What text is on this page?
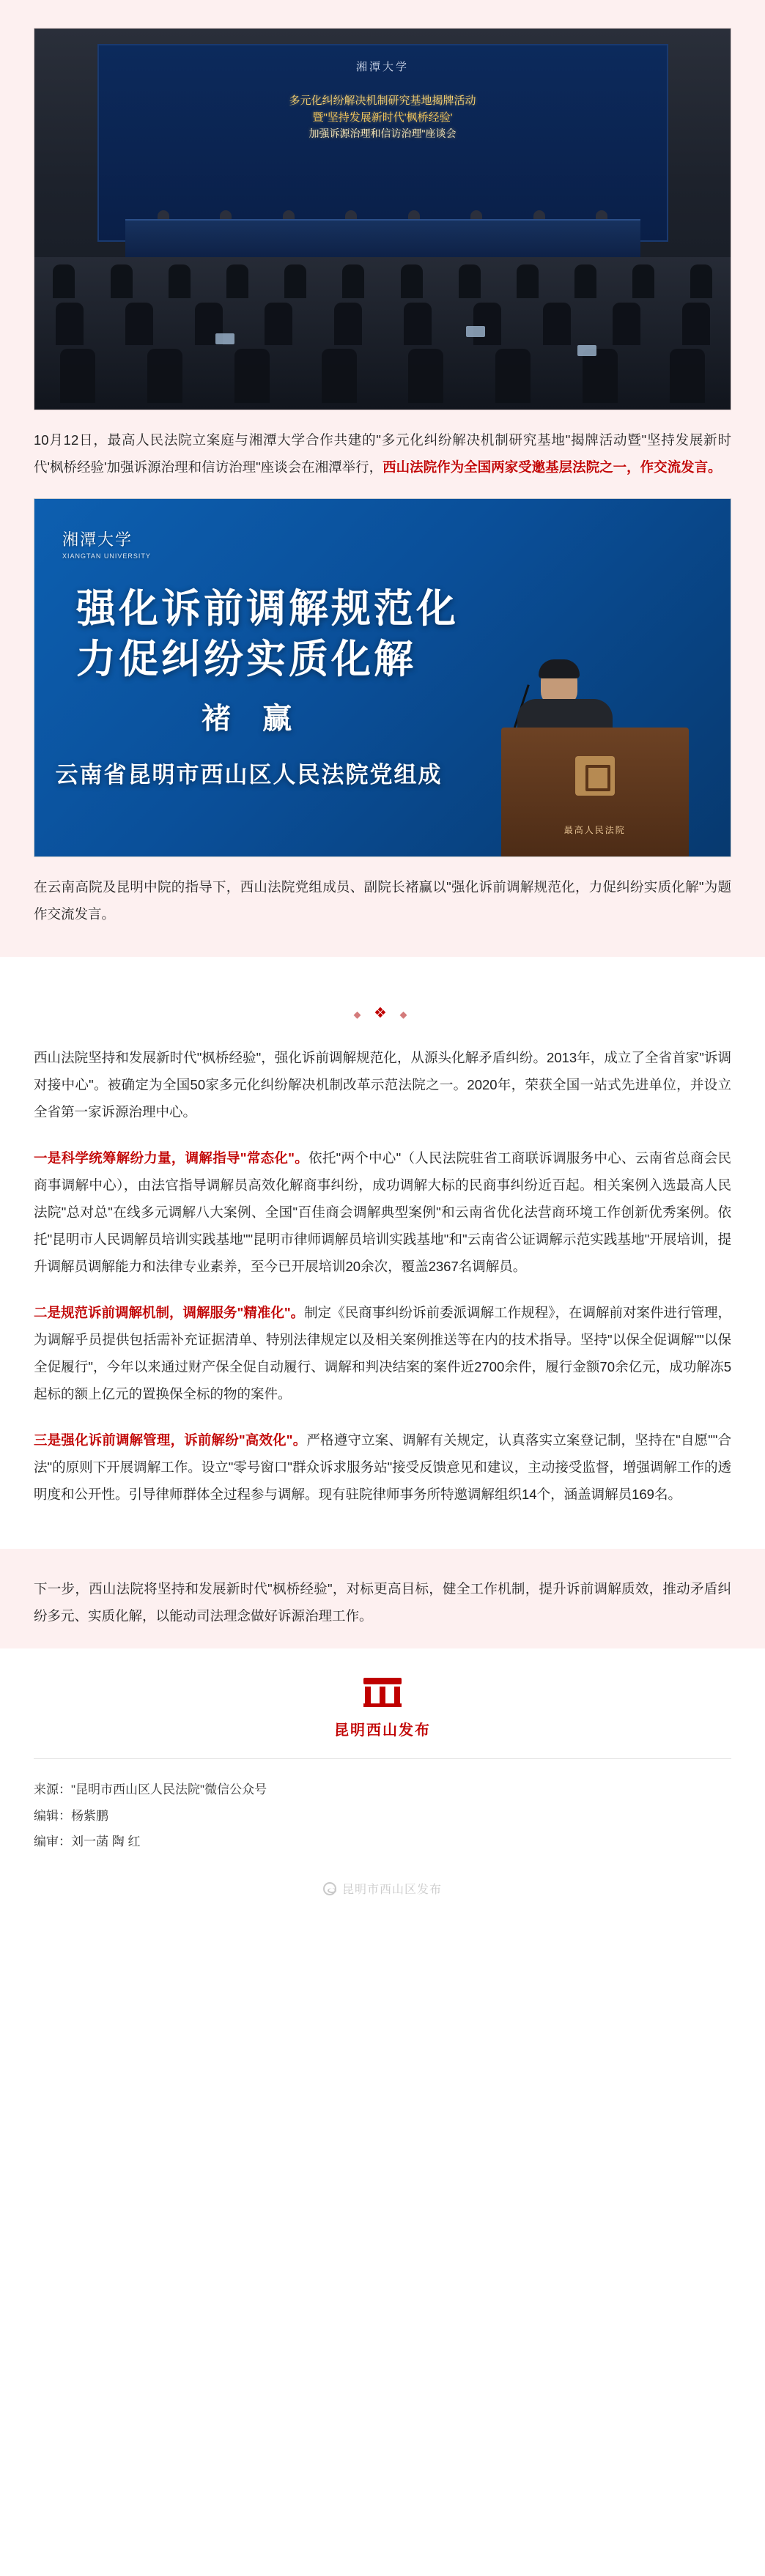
湘潭大学
多元化纠纷解决机制研究基地揭牌活动
暨"坚持发展新时代'枫桥经验'
加强诉源治理和信访治理"座谈会
10月12日，最高人民法院立案庭与湘潭大学合作共建的"多元化纠纷解决机制研究基地"揭牌活动暨"坚持发展新时代'枫桥经验'加强诉源治理和信访治理"座谈会在湘潭举行，西山法院作为全国两家受邀基层法院之一，作交流发言。
湘潭大学
XIANGTAN UNIVERSITY
强化诉前调解规范化
力促纠纷实质化解
褚 赢
云南省昆明市西山区人民法院党组成
最高人民法院
在云南高院及昆明中院的指导下，西山法院党组成员、副院长褚赢以"强化诉前调解规范化，力促纠纷实质化解"为题作交流发言。
◆ ❖ ◆

西山法院坚持和发展新时代"枫桥经验"，强化诉前调解规范化，从源头化解矛盾纠纷。2013年，成立了全省首家"诉调对接中心"。被确定为全国50家多元化纠纷解决机制改革示范法院之一。2020年，荣获全国一站式先进单位，并设立全省第一家诉源治理中心。

一是科学统筹解纷力量，调解指导"常态化"。依托"两个中心"（人民法院驻省工商联诉调服务中心、云南省总商会民商事调解中心），由法官指导调解员高效化解商事纠纷，成功调解大标的民商事纠纷近百起。相关案例入选最高人民法院"总对总"在线多元调解八大案例、全国"百佳商会调解典型案例"和云南省优化法营商环境工作创新优秀案例。依托"昆明市人民调解员培训实践基地""昆明市律师调解员培训实践基地"和"云南省公证调解示范实践基地"开展培训，提升调解员调解能力和法律专业素养，至今已开展培训20余次，覆盖2367名调解员。

二是规范诉前调解机制，调解服务"精准化"。制定《民商事纠纷诉前委派调解工作规程》，在调解前对案件进行管理，为调解乎员提供包括需补充证据清单、特别法律规定以及相关案例推送等在内的技术指导。坚持"以保全促调解""以保全促履行"，今年以来通过财产保全促自动履行、调解和判决结案的案件近2700余件，履行金额70余亿元，成功解冻5起标的额上亿元的置换保全标的物的案件。

三是强化诉前调解管理，诉前解纷"高效化"。严格遵守立案、调解有关规定，认真落实立案登记制，坚持在"自愿""合法"的原则下开展调解工作。设立"零号窗口"群众诉求服务站"接受反馈意见和建议，主动接受监督，增强调解工作的透明度和公开性。引导律师群体全过程参与调解。现有驻院律师事务所特邀调解组织14个，涵盖调解员169名。

下一步，西山法院将坚持和发展新时代"枫桥经验"，对标更高目标，健全工作机制，提升诉前调解质效，推动矛盾纠纷多元、实质化解，以能动司法理念做好诉源治理工作。

昆明西山发布
来源："昆明市西山区人民法院"微信公众号
编辑：杨紫鹏
编审：刘一菡 陶 红
昆明市西山区发布
